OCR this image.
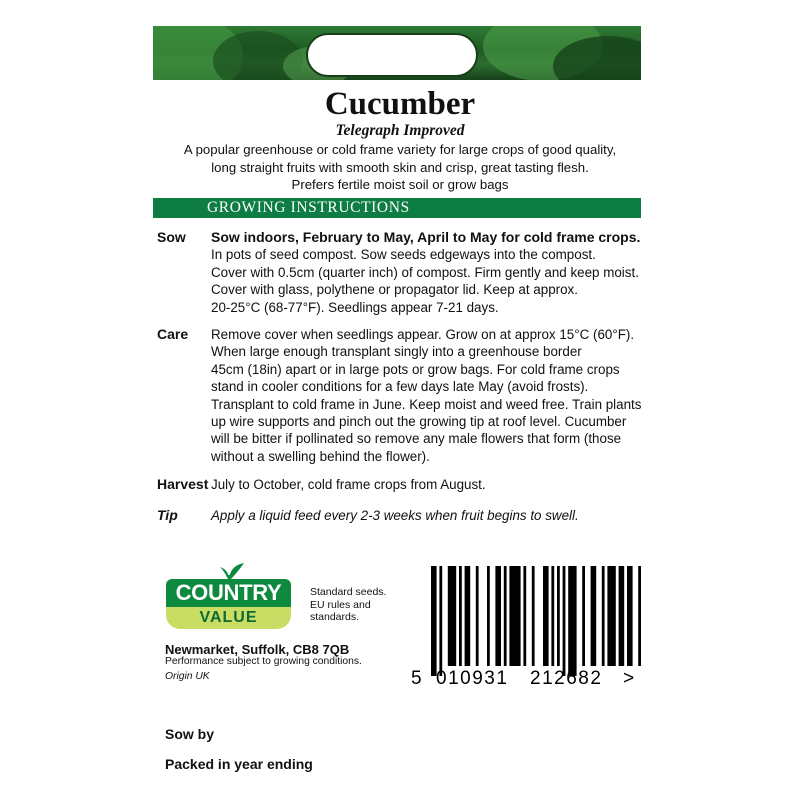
Cucumber
Telegraph Improved
A popular greenhouse or cold frame variety for large crops of good quality,
long straight fruits with smooth skin and crisp, great tasting flesh.
Prefers fertile moist soil or grow bags
GROWING INSTRUCTIONS
Sow Sow indoors, February to May, April to May for cold frame crops.
In pots of seed compost. Sow seeds edgeways into the compost.
Cover with 0.5cm (quarter inch) of compost. Firm gently and keep moist.
Cover with glass, polythene or propagator lid. Keep at approx.
20-25°C (68-77°F). Seedlings appear 7-21 days.
Care Remove cover when seedlings appear. Grow on at approx 15°C (60°F).
When large enough transplant singly into a greenhouse border
45cm (18in) apart or in large pots or grow bags. For cold frame crops
stand in cooler conditions for a few days late May (avoid frosts).
Transplant to cold frame in June. Keep moist and weed free. Train plants
up wire supports and pinch out the growing tip at roof level. Cucumber
will be bitter if pollinated so remove any male flowers that form (those
without a swelling behind the flower).
Harvest July to October, cold frame crops from August.
Tip Apply a liquid feed every 2-3 weeks when fruit begins to swell.
COUNTRY
VALUE
Standard seeds.
EU rules and
standards.
Newmarket, Suffolk, CB8 7QB
Performance subject to growing conditions.
Origin UK	5 010931 212682 >
Sow by
Packed in year ending
